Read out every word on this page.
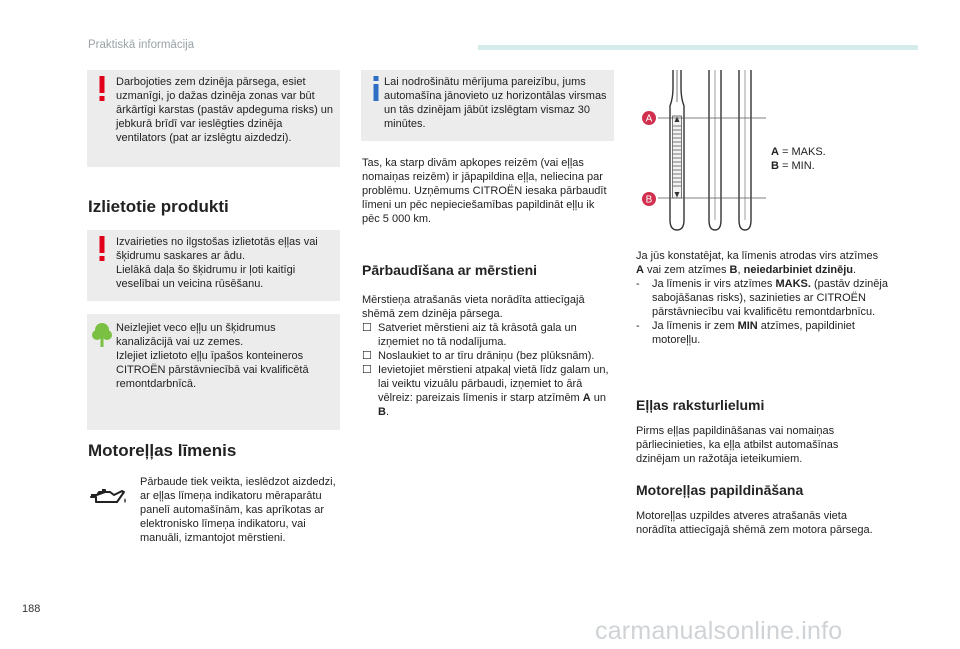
Praktiskā informācija
Darbojoties zem dzinēja pārsega, esiet uzmanīgi, jo dažas dzinēja zonas var būt ārkārtīgi karstas (pastāv apdeguma risks) un jebkurā brīdī var ieslēgties dzinēja ventilators (pat ar izslēgtu aizdedzi).
Izlietotie produkti
Izvairieties no ilgstošas izlietotās eļļas vai šķidrumu saskares ar ādu.
Lielākā daļa šo šķidrumu ir ļoti kaitīgi veselībai un veicina rūsēšanu.
Neizlejiet veco eļļu un šķidrumus kanalizācijā vai uz zemes.
Izlejiet izlietoto eļļu īpašos konteineros CITROËN pārstāvniecībā vai kvalificētā remontdarbnīcā.
Motoreļļas līmenis
Pārbaude tiek veikta, ieslēdzot aizdedzi, ar eļļas līmeņa indikatoru mēraparātu panelī automašīnām, kas aprīkotas ar elektronisko līmeņa indikatoru, vai manuāli, izmantojot mērstieni.
Lai nodrošinātu mērījuma pareizību, jums automašīna jānovieto uz horizontālas virsmas un tās dzinējam jābūt izslēgtam vismaz 30 minūtes.
Tas, ka starp divām apkopes reizēm (vai eļļas nomaiņas reizēm) ir jāpapildina eļļa, neliecina par problēmu. Uzņēmums CITROËN iesaka pārbaudīt līmeni un pēc nepieciešamības papildināt eļļu ik pēc 5 000 km.
Pārbaudīšana ar mērstieni
Mērstieņa atrašanās vieta norādīta attiecīgajā shēmā zem dzinēja pārsega.
☐ Satveriet mērstieni aiz tā krāsotā gala un izņemiet no tā nodalījuma.
☐ Noslaukiet to ar tīru drāniņu (bez plūksnām).
☐ Ievietojiet mērstieni atpakaļ vietā līdz galam un, lai veiktu vizuālu pārbaudi, izņemiet to ārā vēlreiz: pareizais līmenis ir starp atzīmēm A un B.
A
B
A = MAKS.
B = MIN.
Ja jūs konstatējat, ka līmenis atrodas virs atzīmes A vai zem atzīmes B, neiedarbiniet dzinēju.
- Ja līmenis ir virs atzīmes MAKS. (pastāv dzinēja sabojāšanas risks), sazinieties ar CITROËN pārstāvniecību vai kvalificētu remontdarbnīcu.
- Ja līmenis ir zem MIN atzīmes, papildiniet motoreļļu.
Eļļas raksturlielumi
Pirms eļļas papildināšanas vai nomaiņas pārliecinieties, ka eļļa atbilst automašīnas dzinējam un ražotāja ieteikumiem.
Motoreļļas papildināšana
Motoreļļas uzpildes atveres atrašanās vieta norādīta attiecīgajā shēmā zem motora pārsega.
188
carmanualsonline.info
